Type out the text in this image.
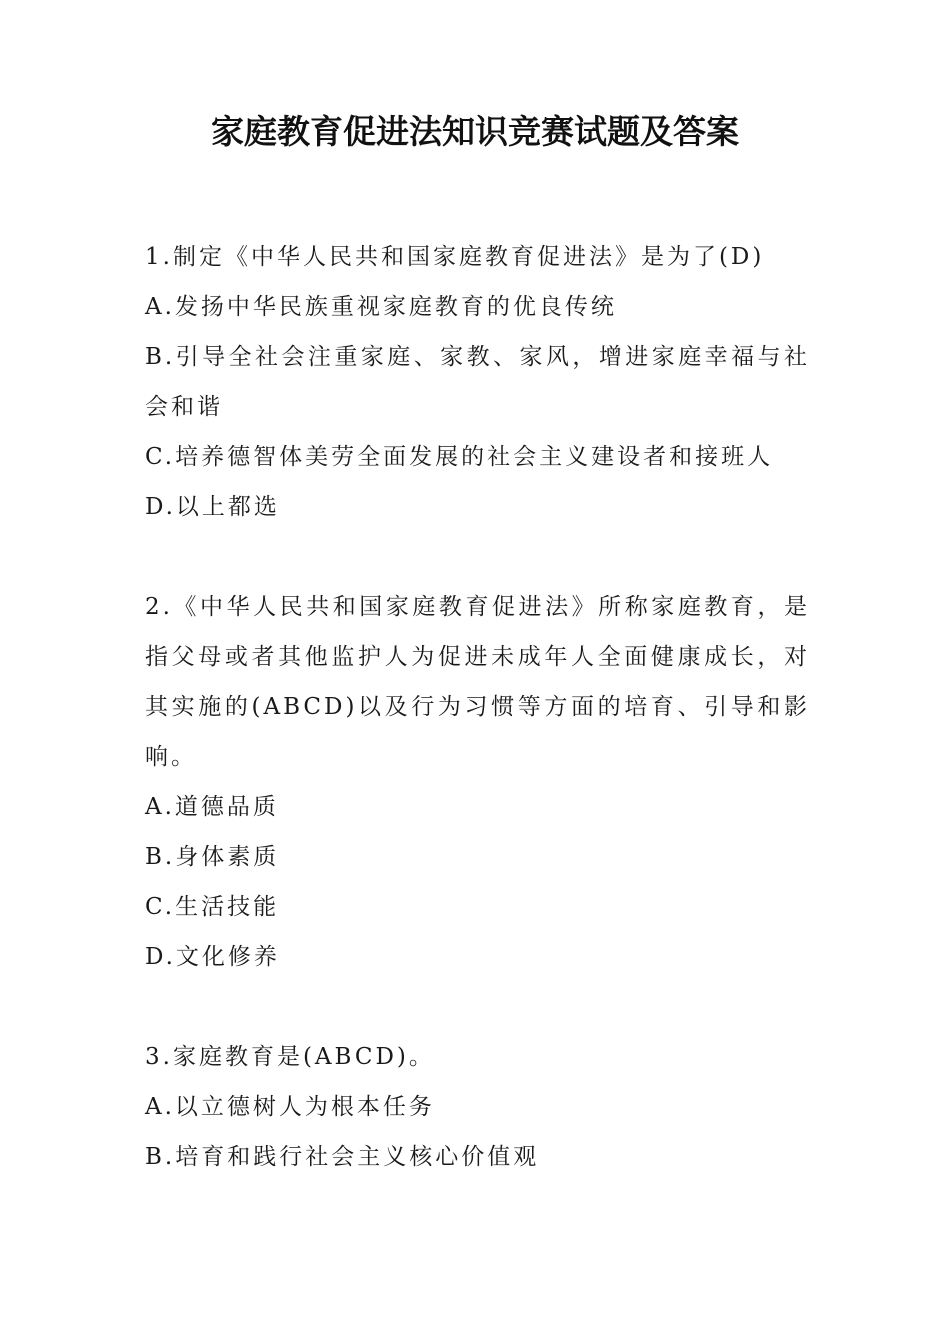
家庭教育促进法知识竞赛试题及答案

1.制定《中华人民共和国家庭教育促进法》是为了(D)

A.发扬中华民族重视家庭教育的优良传统

B.引导全社会注重家庭、家教、家风，增进家庭幸福与社会和谐

C.培养德智体美劳全面发展的社会主义建设者和接班人

D.以上都选

2.《中华人民共和国家庭教育促进法》所称家庭教育，是指父母或者其他监护人为促进未成年人全面健康成长，对其实施的(ABCD)以及行为习惯等方面的培育、引导和影响。

A.道德品质

B.身体素质

C.生活技能

D.文化修养

3.家庭教育是(ABCD)。

A.以立德树人为根本任务

B.培育和践行社会主义核心价值观
